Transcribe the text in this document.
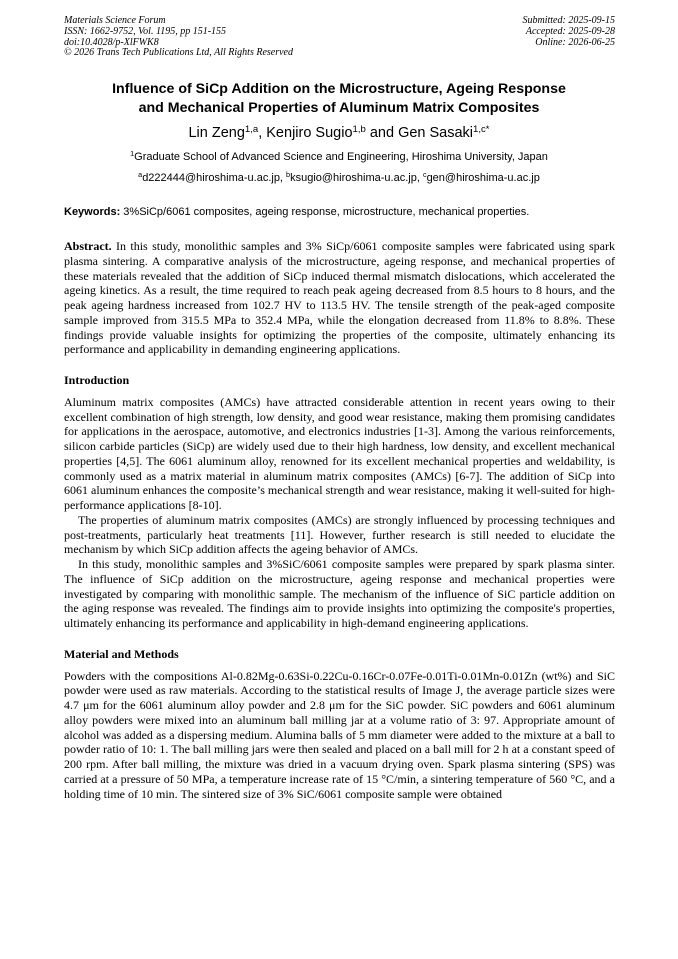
Materials Science Forum
ISSN: 1662-9752, Vol. 1195, pp 151-155
doi:10.4028/p-XlFWK8
© 2026 Trans Tech Publications Ltd, All Rights Reserved
Submitted: 2025-09-15
Accepted: 2025-09-28
Online: 2026-06-25
Influence of SiCp Addition on the Microstructure, Ageing Response
and Mechanical Properties of Aluminum Matrix Composites
Lin Zeng$^{1,a}$, Kenjiro Sugio$^{1,b}$ and Gen Sasaki$^{1,c*}$
$^1$Graduate School of Advanced Science and Engineering, Hiroshima University, Japan
$^a$d222444@hiroshima-u.ac.jp, $^b$ksugio@hiroshima-u.ac.jp, $^c$gen@hiroshima-u.ac.jp
Keywords: 3%SiCp/6061 composites, ageing response, microstructure, mechanical properties.

Abstract. In this study, monolithic samples and 3% SiCp/6061 composite samples were fabricated using spark plasma sintering. A comparative analysis of the microstructure, ageing response, and mechanical properties of these materials revealed that the addition of SiCp induced thermal mismatch dislocations, which accelerated the ageing kinetics. As a result, the time required to reach peak ageing decreased from 8.5 hours to 8 hours, and the peak ageing hardness increased from 102.7 HV to 113.5 HV. The tensile strength of the peak-aged composite sample improved from 315.5 MPa to 352.4 MPa, while the elongation decreased from 11.8% to 8.8%. These findings provide valuable insights for optimizing the properties of the composite, ultimately enhancing its performance and applicability in demanding engineering applications.

Introduction

Aluminum matrix composites (AMCs) have attracted considerable attention in recent years owing to their excellent combination of high strength, low density, and good wear resistance, making them promising candidates for applications in the aerospace, automotive, and electronics industries [1-3]. Among the various reinforcements, silicon carbide particles (SiCp) are widely used due to their high hardness, low density, and excellent mechanical properties [4,5]. The 6061 aluminum alloy, renowned for its excellent mechanical properties and weldability, is commonly used as a matrix material in aluminum matrix composites (AMCs) [6-7]. The addition of SiCp into 6061 aluminum enhances the composite’s mechanical strength and wear resistance, making it well-suited for high-performance applications [8-10].

The properties of aluminum matrix composites (AMCs) are strongly influenced by processing techniques and post-treatments, particularly heat treatments [11]. However, further research is still needed to elucidate the mechanism by which SiCp addition affects the ageing behavior of AMCs.

In this study, monolithic samples and 3%SiC/6061 composite samples were prepared by spark plasma sinter. The influence of SiCp addition on the microstructure, ageing response and mechanical properties were investigated by comparing with monolithic sample. The mechanism of the influence of SiC particle addition on the aging response was revealed. The findings aim to provide insights into optimizing the composite's properties, ultimately enhancing its performance and applicability in high-demand engineering applications.

Material and Methods

Powders with the compositions Al-0.82Mg-0.63Si-0.22Cu-0.16Cr-0.07Fe-0.01Ti-0.01Mn-0.01Zn (wt%) and SiC powder were used as raw materials. According to the statistical results of Image J, the average particle sizes were 4.7 μm for the 6061 aluminum alloy powder and 2.8 μm for the SiC powder. SiC powders and 6061 aluminum alloy powders were mixed into an aluminum ball milling jar at a volume ratio of 3: 97. Appropriate amount of alcohol was added as a dispersing medium. Alumina balls of 5 mm diameter were added to the mixture at a ball to powder ratio of 10: 1. The ball milling jars were then sealed and placed on a ball mill for 2 h at a constant speed of 200 rpm. After ball milling, the mixture was dried in a vacuum drying oven. Spark plasma sintering (SPS) was carried at a pressure of 50 MPa, a temperature increase rate of 15 °C/min, a sintering temperature of 560 °C, and a holding time of 10 min. The sintered size of 3% SiC/6061 composite sample were obtained
